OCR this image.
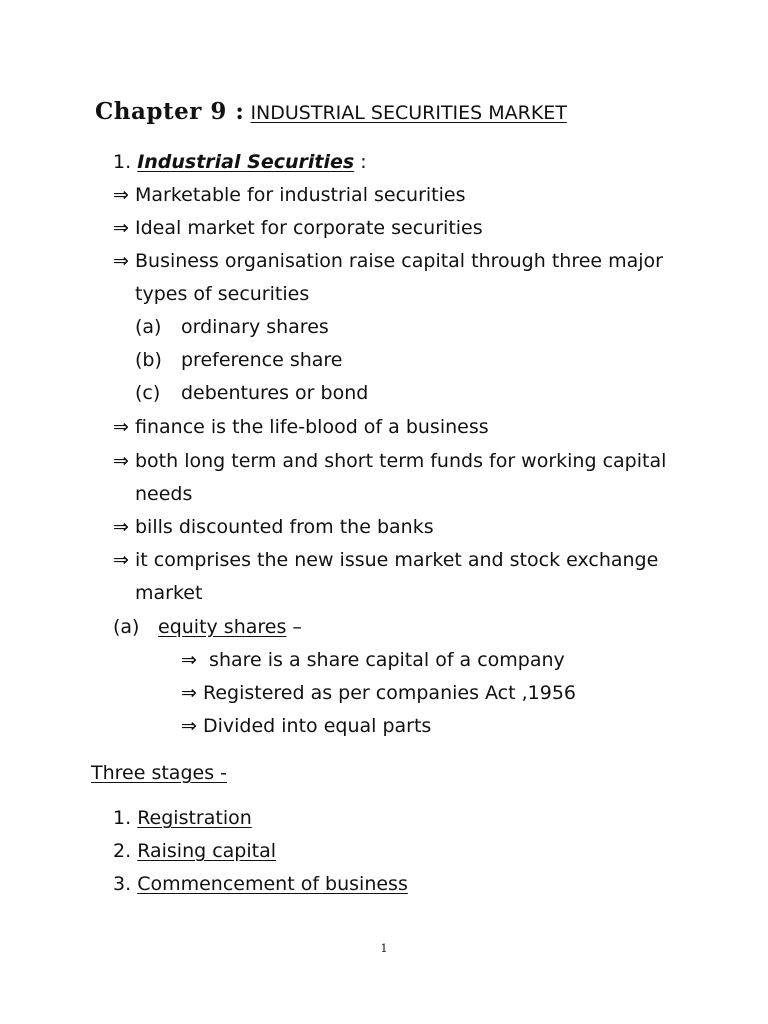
Chapter 9 : INDUSTRIAL SECURITIES MARKET
1. Industrial Securities :
⇒ Marketable for industrial securities
⇒ Ideal market for corporate securities
⇒ Business organisation raise capital through three major
types of securities
(a) ordinary shares
(b) preference share
(c) debentures or bond
⇒ finance is the life-blood of a business
⇒ both long term and short term funds for working capital
needs
⇒ bills discounted from the banks
⇒ it comprises the new issue market and stock exchange
market
(a) equity shares –
⇒ share is a share capital of a company
⇒ Registered as per companies Act ,1956
⇒ Divided into equal parts
Three stages -
1. Registration
2. Raising capital
3. Commencement of business
1
